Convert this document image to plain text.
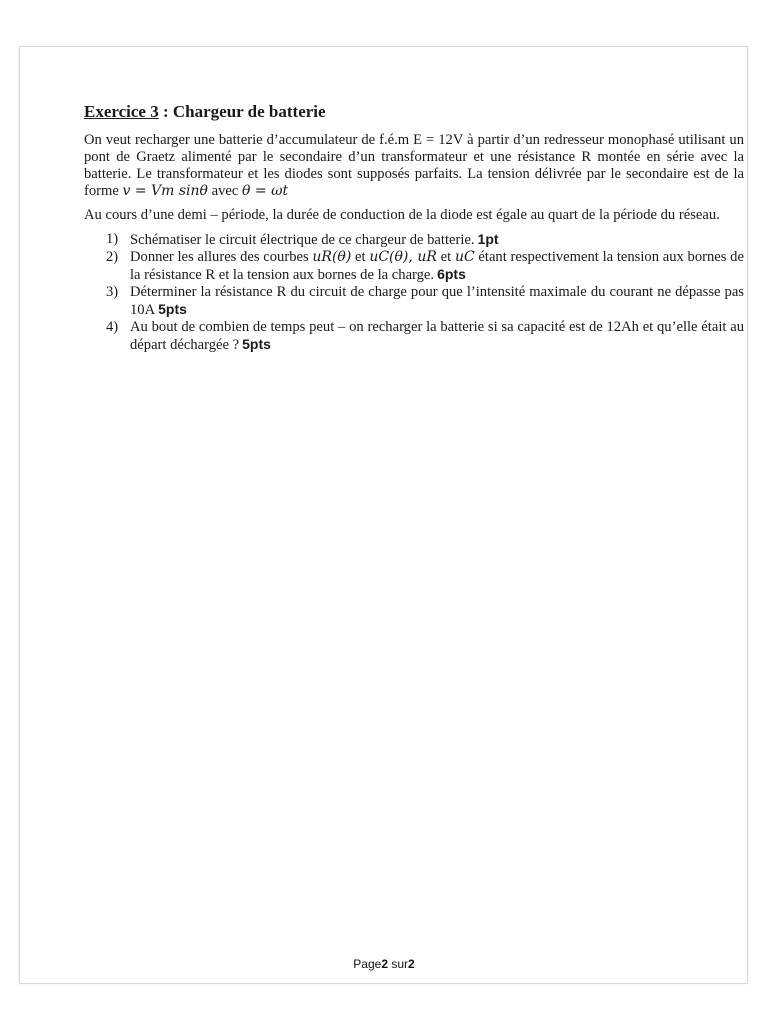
Exercice 3 : Chargeur de batterie

On veut recharger une batterie d’accumulateur de f.é.m E = 12V à partir d’un redresseur monophasé utilisant un pont de Graetz alimenté par le secondaire d’un transformateur et une résistance R montée en série avec la batterie. Le transformateur et les diodes sont supposés parfaits. La tension délivrée par le secondaire est de la forme v = Vm sinθ avec θ = ωt

Au cours d’une demi – période, la durée de conduction de la diode est égale au quart de la période du réseau.

1) Schématiser le circuit électrique de ce chargeur de batterie. 1pt
2) Donner les allures des courbes uR(θ) et uC(θ), uR et uC étant respectivement la tension aux bornes de la résistance R et la tension aux bornes de la charge. 6pts
3) Déterminer la résistance R du circuit de charge pour que l’intensité maximale du courant ne dépasse pas 10A 5pts
4) Au bout de combien de temps peut – on recharger la batterie si sa capacité est de 12Ah et qu’elle était au départ déchargée ? 5pts
Page2 sur2
